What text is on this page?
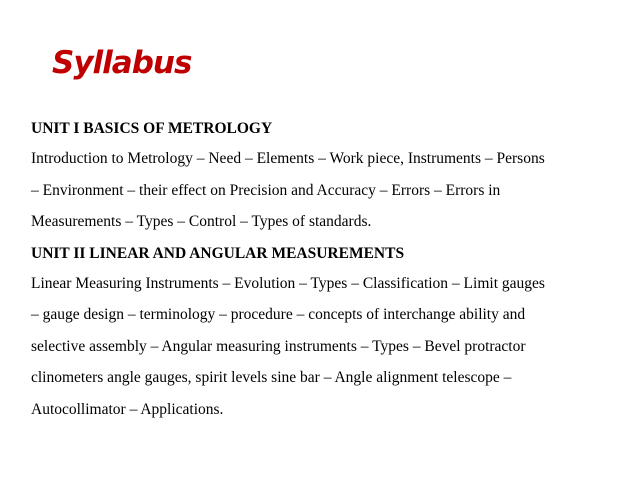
Syllabus
UNIT I BASICS OF METROLOGY
Introduction to Metrology – Need – Elements – Work piece, Instruments – Persons
– Environment – their effect on Precision and Accuracy – Errors – Errors in
Measurements – Types – Control – Types of standards.
UNIT II LINEAR AND ANGULAR MEASUREMENTS
Linear Measuring Instruments – Evolution – Types – Classification – Limit gauges
– gauge design – terminology – procedure – concepts of interchange ability and
selective assembly – Angular measuring instruments – Types – Bevel protractor
clinometers angle gauges, spirit levels sine bar – Angle alignment telescope –
Autocollimator – Applications.
